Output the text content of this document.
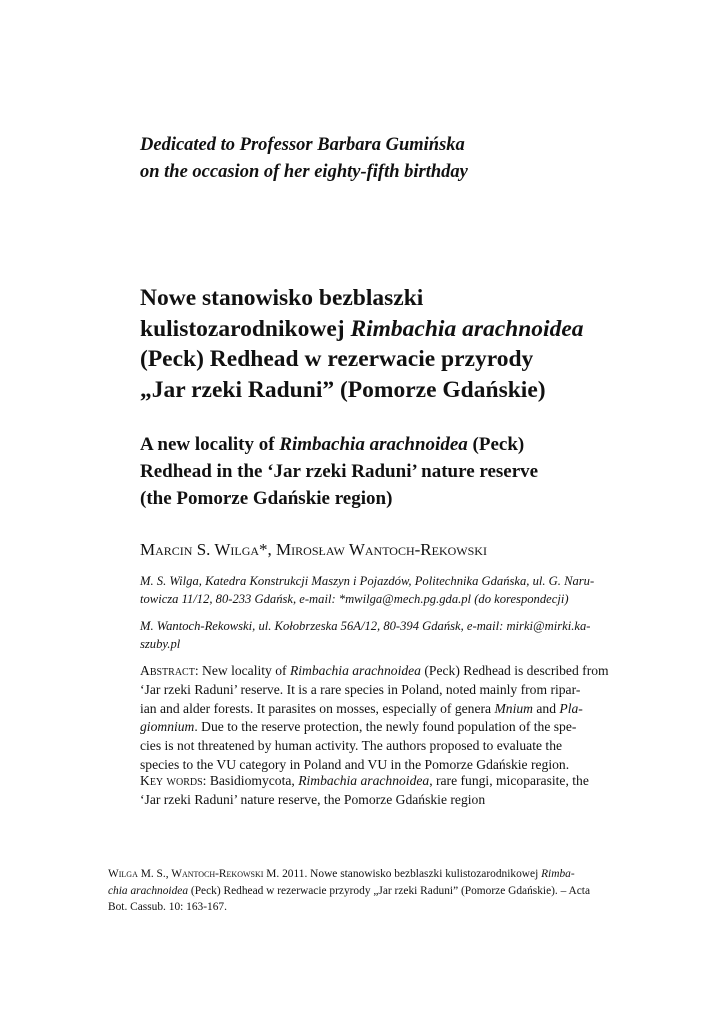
Dedicated to Professor Barbara Gumińska
on the occasion of her eighty-fifth birthday
Nowe stanowisko bezblaszki
kulistozarodnikowej Rimbachia arachnoidea
(Peck) Redhead w rezerwacie przyrody
„Jar rzeki Raduni” (Pomorze Gdańskie)
A new locality of Rimbachia arachnoidea (Peck)
Redhead in the ‘Jar rzeki Raduni’ nature reserve
(the Pomorze Gdańskie region)
Marcin S. Wilga*, Mirosław Wantoch-Rekowski
M. S. Wilga, Katedra Konstrukcji Maszyn i Pojazdów, Politechnika Gdańska, ul. G. Naru-
towicza 11/12, 80-233 Gdańsk, e-mail: *mwilga@mech.pg.gda.pl (do korespondecji)
M. Wantoch-Rekowski, ul. Kołobrzeska 56A/12, 80-394 Gdańsk, e-mail: mirki@mirki.ka-
szuby.pl
Abstract: New locality of Rimbachia arachnoidea (Peck) Redhead is described from
‘Jar rzeki Raduni’ reserve. It is a rare species in Poland, noted mainly from ripar-
ian and alder forests. It parasites on mosses, especially of genera Mnium and Pla-
giomnium. Due to the reserve protection, the newly found population of the spe-
cies is not threatened by human activity. The authors proposed to evaluate the
species to the VU category in Poland and VU in the Pomorze Gdańskie region.
Key words: Basidiomycota, Rimbachia arachnoidea, rare fungi, micoparasite, the
‘Jar rzeki Raduni’ nature reserve, the Pomorze Gdańskie region
Wilga M. S., Wantoch-Rekowski M. 2011. Nowe stanowisko bezblaszki kulistozarodnikowej Rimba-
chia arachnoidea (Peck) Redhead w rezerwacie przyrody „Jar rzeki Raduni” (Pomorze Gdańskie). – Acta
Bot. Cassub. 10: 163-167.
